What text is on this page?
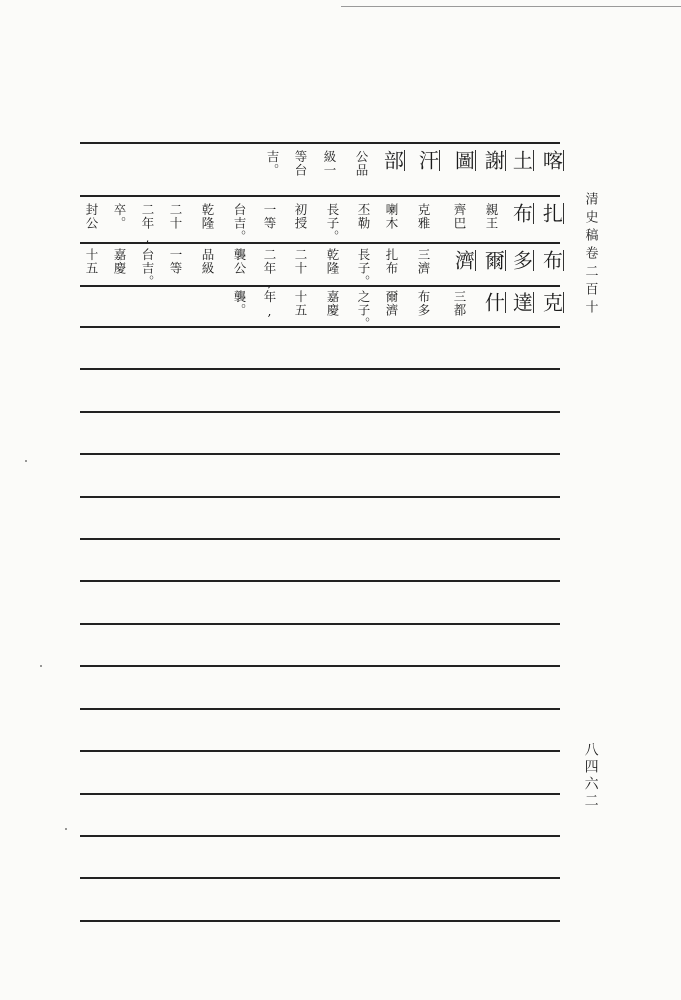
清史稿卷二百十
八四六二
喀
土
謝
圖
汗
部
公品
級一
等台
吉。
扎
布
親王
齊巴
克雅
喇木
丕勒
長子。
初授
一等
台吉。
乾隆
二十
二年,
卒。
封公
布
多
爾
濟
三濟
扎布
長子。
乾隆
二十
二年,
襲公
品級
一等
台吉。
嘉慶
十五
克
達
什
三都
布多
爾濟
之子。
嘉慶
十五
年,
襲。
